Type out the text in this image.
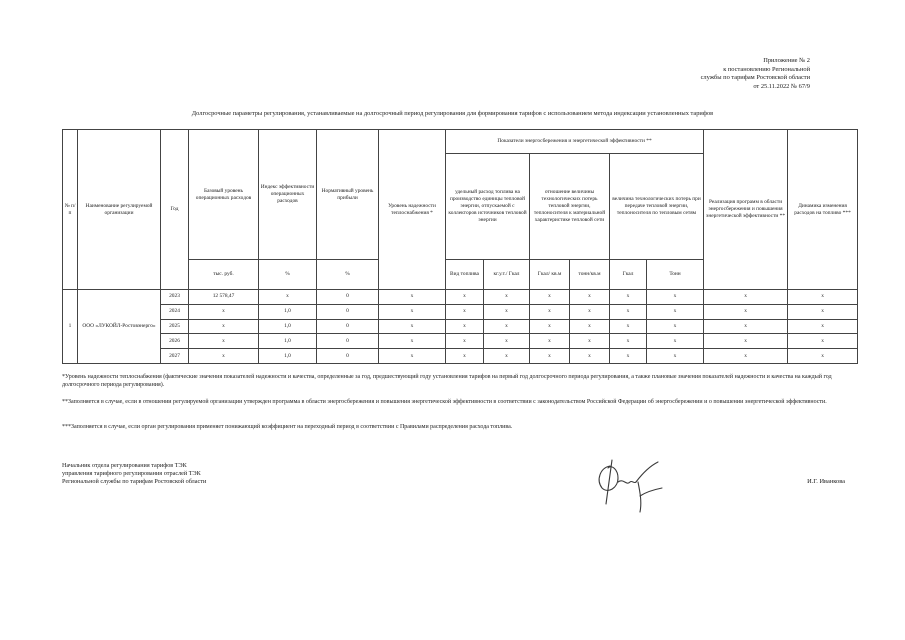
Приложение № 2
к постановлению Региональной
службы по тарифам Ростовской области
от 25.11.2022 № 67/9
Долгосрочные параметры регулирования, устанавливаемые на долгосрочный период регулирования для формирования тарифов с использованием метода индексации установленных тарифов
№ п/п	Наименование регулируемой организации	Год	Базовый уровень операционных расходов	Индекс эффективности операционных расходов	Нормативный уровень прибыли	Уровень надежности теплоснабжения *	Показатели энергосбережения и энергетической эффективности **						Реализация программ в области энергосбережения и повышения энергетической эффективности **	Динамика изменения расходов на топливо ***
							удельный расход топлива на производство единицы тепловой энергии, отпускаемой с коллекторов источников тепловой энергии		отношение величины технологических потерь тепловой энергии, теплоносителя к материальной характеристике тепловой сети		величина технологических потерь при передаче тепловой энергии, теплоносителя по тепловым сетям			
			тыс. руб.	%	%		Вид топлива	кг.у.т./ Гкал	Гкал/ кв.м	тонн/кв.м	Гкал	Тонн		
1	ООО «ЛУКОЙЛ-Ростовэнерго»	2023	12 578,47	х	0	х	х	х	х	х	х	х	х	х
		2024	х	1,0	0	х	х	х	х	х	х	х	х	х
		2025	х	1,0	0	х	х	х	х	х	х	х	х	х
		2026	х	1,0	0	х	х	х	х	х	х	х	х	х
		2027	х	1,0	0	х	х	х	х	х	х	х	х	х
*Уровень надежности теплоснабжения (фактические значения показателей надежности и качества, определенные за год, предшествующий году установления тарифов на первый год долгосрочного периода регулирования, а также плановые значения показателей надежности и качества на каждый год долгосрочного периода регулирования).
**Заполняется в случае, если в отношении регулируемой организации утвержден программа в области энергосбережения и повышения энергетической эффективности в соответствии с законодательством Российской Федерации об энергосбережении и о повышении энергетической эффективности.
***Заполняется в случае, если орган регулирования применяет понижающий коэффициент на переходный период в соответствии с Правилами распределения расхода топлива.
Начальник отдела регулирования тарифов ТЭК
управления тарифного регулирования отраслей ТЭК
Региональной службы по тарифам Ростовской области	И.Г. Иванкова
